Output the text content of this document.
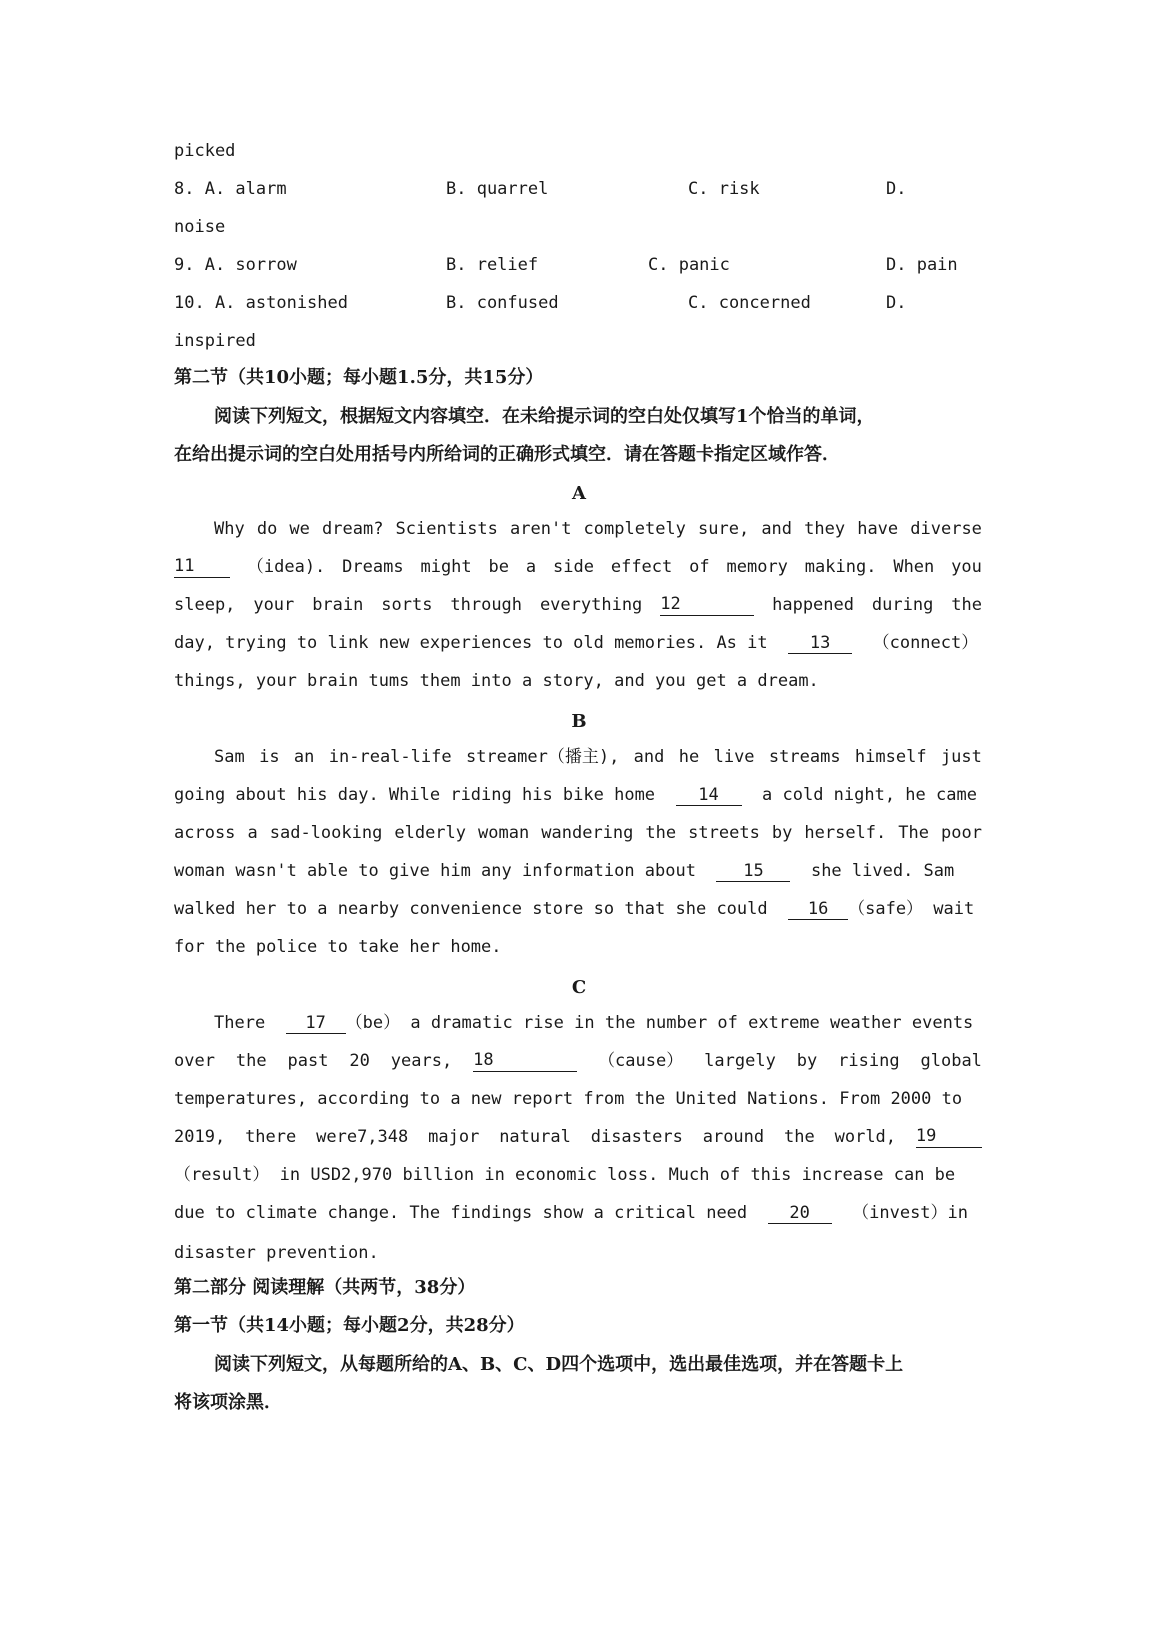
picked
8. A. alarm	B. quarrel	C. risk	D.
noise
9. A. sorrow	B. relief	C. panic	D. pain
10. A. astonished	B. confused	C. concerned	D.
inspired
第二节（共10小题；每小题1.5分，共15分）
阅读下列短文，根据短文内容填空．在未给提示词的空白处仅填写1个恰当的单词，
在给出提示词的空白处用括号内所给词的正确形式填空．请在答题卡指定区域作答．
A
Why do we dream? Scientists aren't completely sure, and they have diverse
11	（idea). Dreams might be a side effect of memory making. When you
sleep, your brain sorts through everything 12	happened during the
day, trying to link new experiences to old memories. As it 13 （connect）
things, your brain tums them into a story, and you get a dream.
B
Sam is an in-real-life streamer（播主), and he live streams himself just
going about his day. While riding his bike home	14	a cold night, he came
across a sad-looking elderly woman wandering the streets by herself. The poor
woman wasn't able to give him any information about	15	she lived. Sam
walked her to a nearby convenience store so that she could 16 （safe） wait
for the police to take her home.
C
There 17 （be） a dramatic rise in the number of extreme weather events
over the past 20 years, 18	（cause） largely by rising global
temperatures, according to a new report from the United Nations. From 2000 to
2019, there were7,348 major natural disasters around the world, 19
（result） in USD2,970 billion in economic loss. Much of this increase can be
due to climate change. The findings show a critical need 20 （invest）in
disaster prevention.
第二部分 阅读理解（共两节，38分）
第一节（共14小题；每小题2分，共28分）
阅读下列短文，从每题所给的A、B、C、D四个选项中，选出最佳选项，并在答题卡上
将该项涂黑．
